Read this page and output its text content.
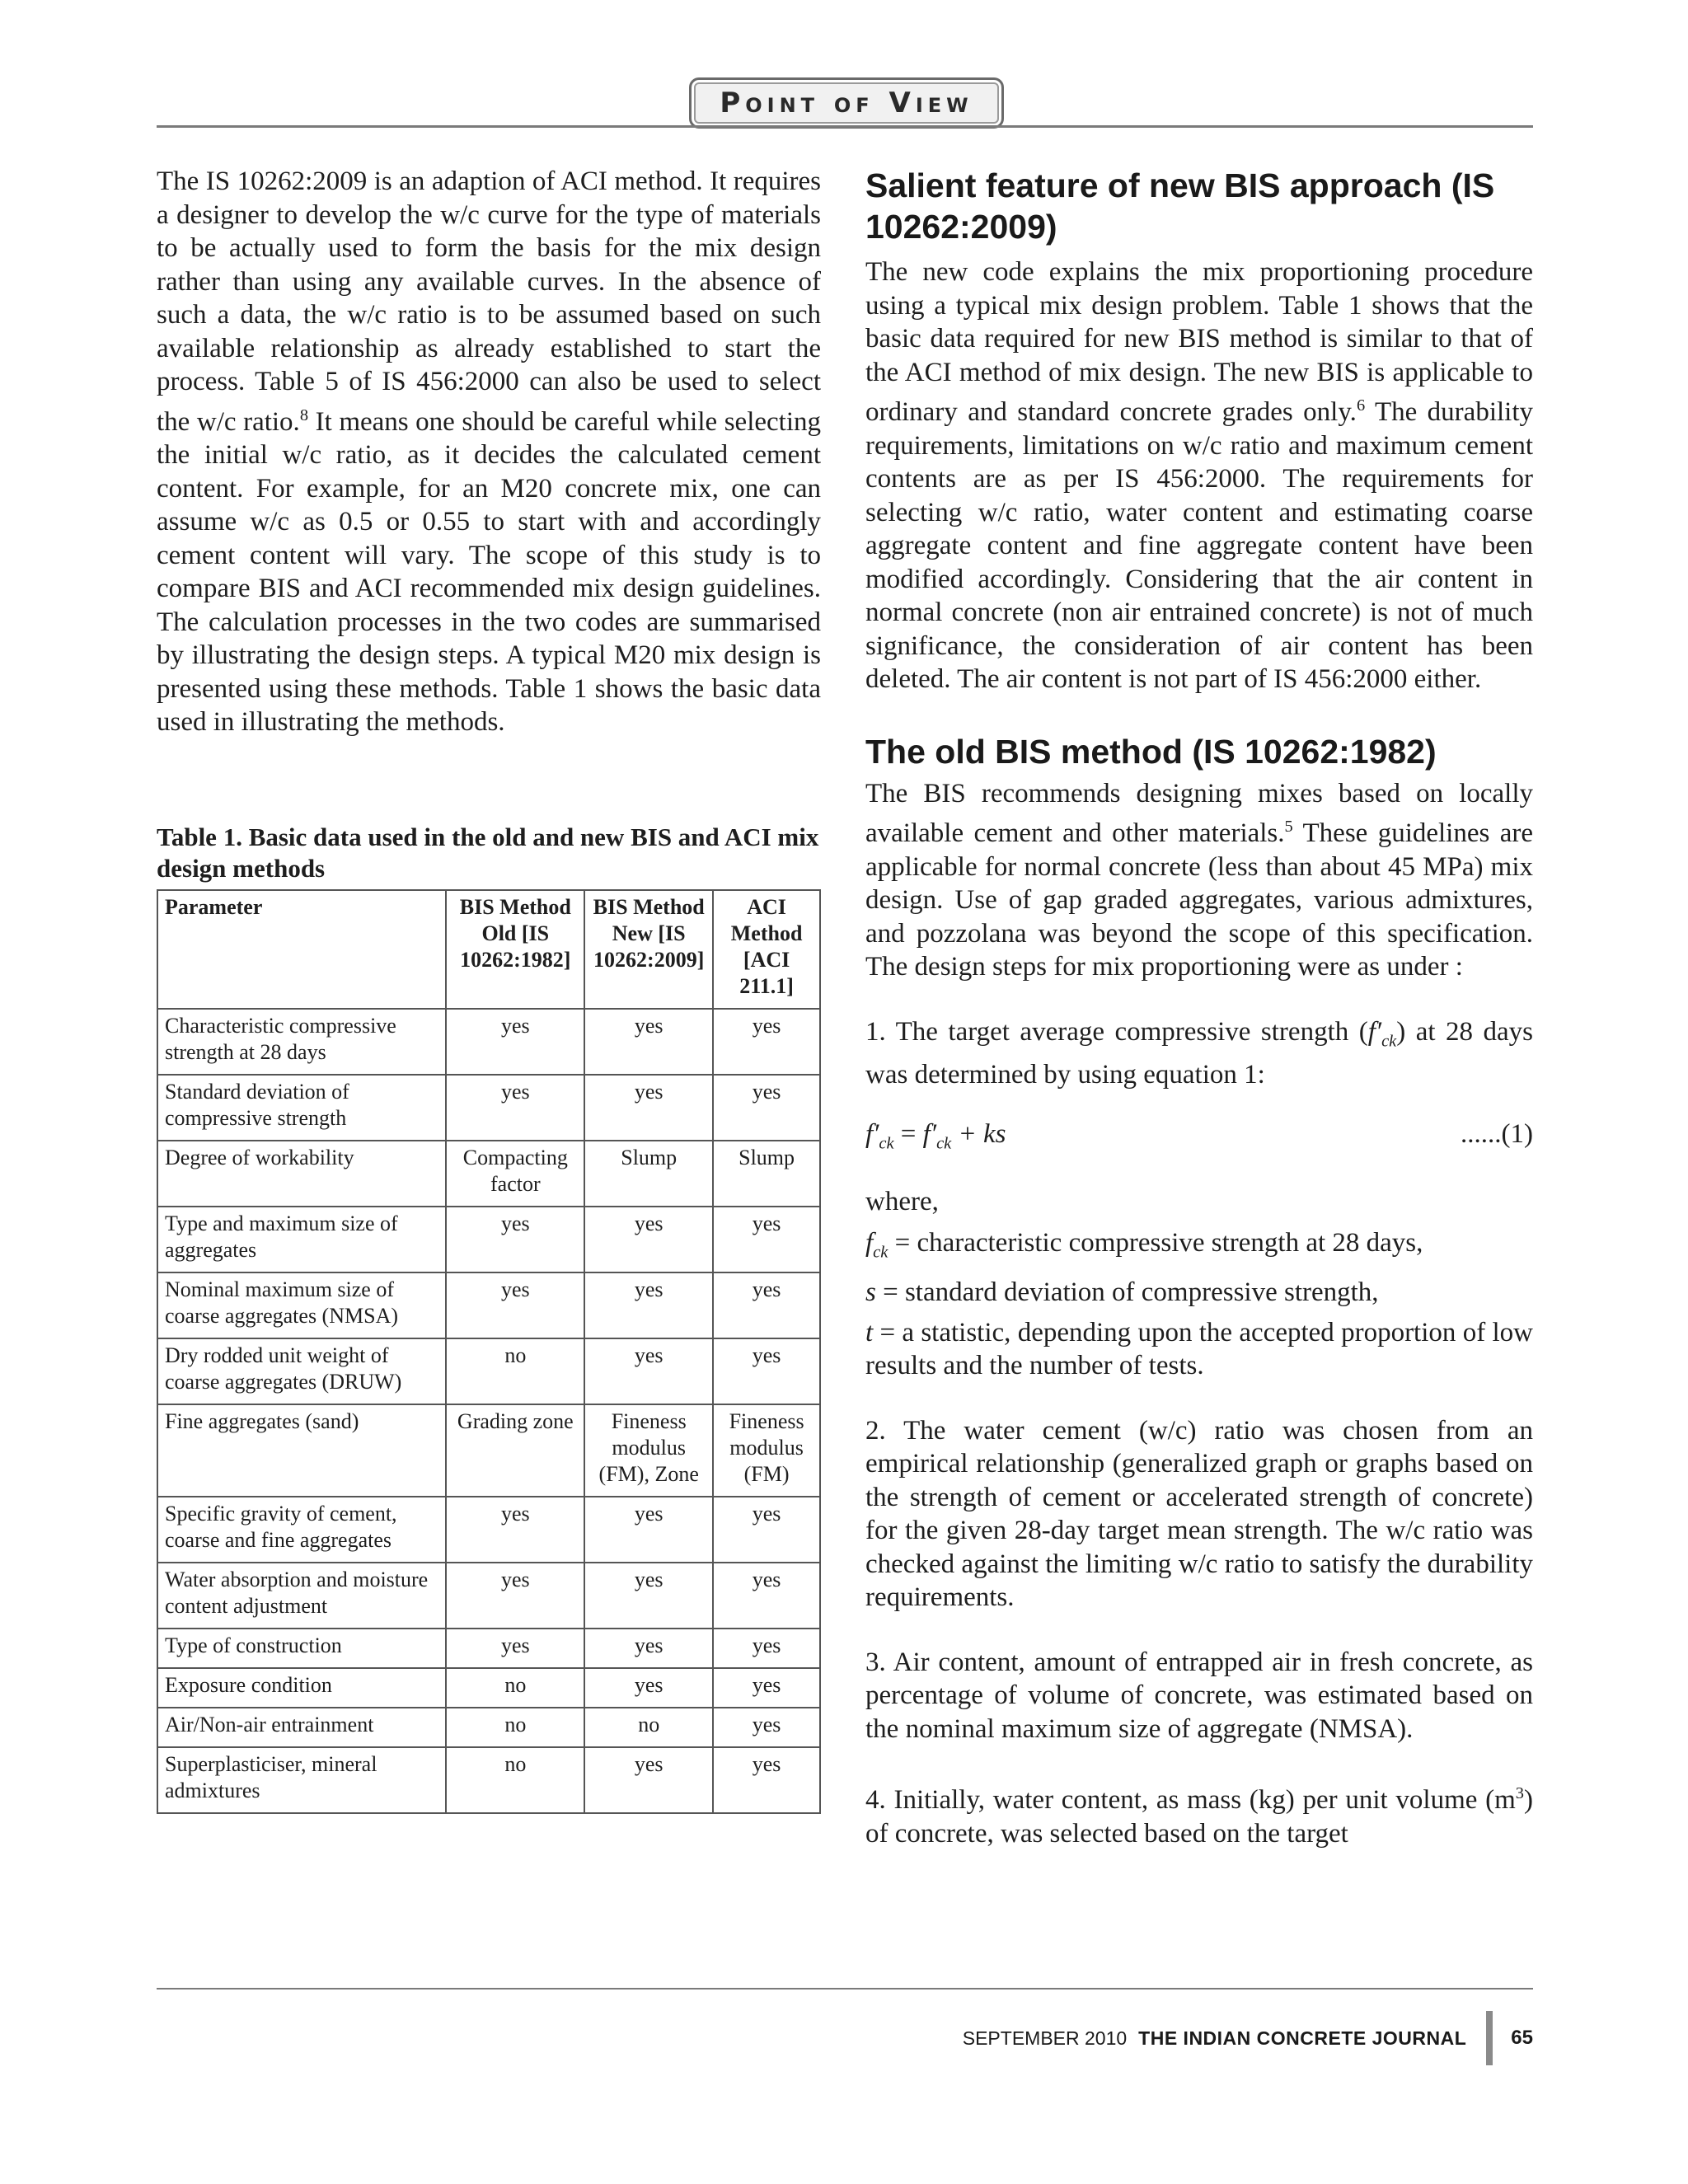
Point of View

The IS 10262:2009 is an adaption of ACI method. It requires a designer to develop the w/c curve for the type of materials to be actually used to form the basis for the mix design rather than using any available curves. In the absence of such a data, the w/c ratio is to be assumed based on such available relationship as already established to start the process. Table 5 of IS 456:2000 can also be used to select the w/c ratio.$^8$ It means one should be careful while selecting the initial w/c ratio, as it decides the calculated cement content. For example, for an M20 concrete mix, one can assume w/c as 0.5 or 0.55 to start with and accordingly cement content will vary. The scope of this study is to compare BIS and ACI recommended mix design guidelines. The calculation processes in the two codes are summarised by illustrating the design steps. A typical M20 mix design is presented using these methods. Table 1 shows the basic data used in illustrating the methods.

Table 1. Basic data used in the old and new BIS and ACI mix design methods

Parameter	BIS Method Old [IS 10262:1982]	BIS Method New [IS 10262:2009]	ACI Method [ACI 211.1]
Characteristic compressive strength at 28 days	yes	yes	yes
Standard deviation of compressive strength	yes	yes	yes
Degree of workability	Compacting factor	Slump	Slump
Type and maximum size of aggregates	yes	yes	yes
Nominal maximum size of coarse aggregates (NMSA)	yes	yes	yes
Dry rodded unit weight of coarse aggregates (DRUW)	no	yes	yes
Fine aggregates (sand)	Grading zone	Fineness modulus (FM), Zone	Fineness modulus (FM)
Specific gravity of cement, coarse and fine aggregates	yes	yes	yes
Water absorption and moisture content adjustment	yes	yes	yes
Type of construction	yes	yes	yes
Exposure condition	no	yes	yes
Air/Non-air entrainment	no	no	yes
Superplasticiser, mineral admixtures	no	yes	yes
Salient feature of new BIS approach (IS 10262:2009)

The new code explains the mix proportioning procedure using a typical mix design problem. Table 1 shows that the basic data required for new BIS method is similar to that of the ACI method of mix design. The new BIS is applicable to ordinary and standard concrete grades only.$^6$ The durability requirements, limitations on w/c ratio and maximum cement contents are as per IS 456:2000. The requirements for selecting w/c ratio, water content and estimating coarse aggregate content and fine aggregate content have been modified accordingly. Considering that the air content in normal concrete (non air entrained concrete) is not of much significance, the consideration of air content has been deleted. The air content is not part of IS 456:2000 either.

The old BIS method (IS 10262:1982)

The BIS recommends designing mixes based on locally available cement and other materials.$^5$ These guidelines are applicable for normal concrete (less than about 45 MPa) mix design. Use of gap graded aggregates, various admixtures, and pozzolana was beyond the scope of this specification. The design steps for mix proportioning were as under :

1. The target average compressive strength $(f'_{ck})$ at 28 days was determined by using equation 1:

$f'_{ck} = f'_{ck}$ + ks	......(1)

where,

$f_{ck}$ = characteristic compressive strength at 28 days,

s = standard deviation of compressive strength,

t = a statistic, depending upon the accepted proportion of low results and the number of tests.

2. The water cement (w/c) ratio was chosen from an empirical relationship (generalized graph or graphs based on the strength of cement or accelerated strength of concrete) for the given 28-day target mean strength. The w/c ratio was checked against the limiting w/c ratio to satisfy the durability requirements.

3. Air content, amount of entrapped air in fresh concrete, as percentage of volume of concrete, was estimated based on the nominal maximum size of aggregate (NMSA).

4. Initially, water content, as mass (kg) per unit volume $(m^3)$ of concrete, was selected based on the target

SEPTEMBER 2010 THE INDIAN CONCRETE JOURNAL 65
